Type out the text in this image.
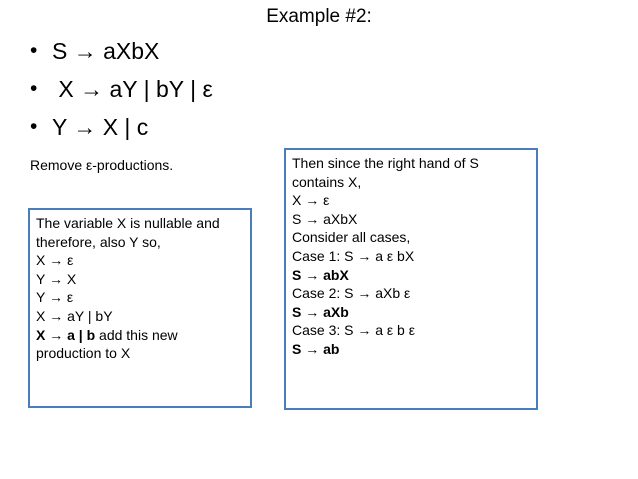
Example #2:
• S → aXbX
• X → aY | bY | ε
• Y → X | c
Remove ε-productions.
The variable X is nullable and
therefore, also Y so,
X → ε
Y → X
Y → ε
X → aY | bY
X → a | b add this new
production to X
Then since the right hand of S
contains X,
X → ε
S → aXbX
Consider all cases,
Case 1: S → a ε bX
S → abX
Case 2: S → aXb ε
S → aXb
Case 3: S → a ε b ε
S → ab
